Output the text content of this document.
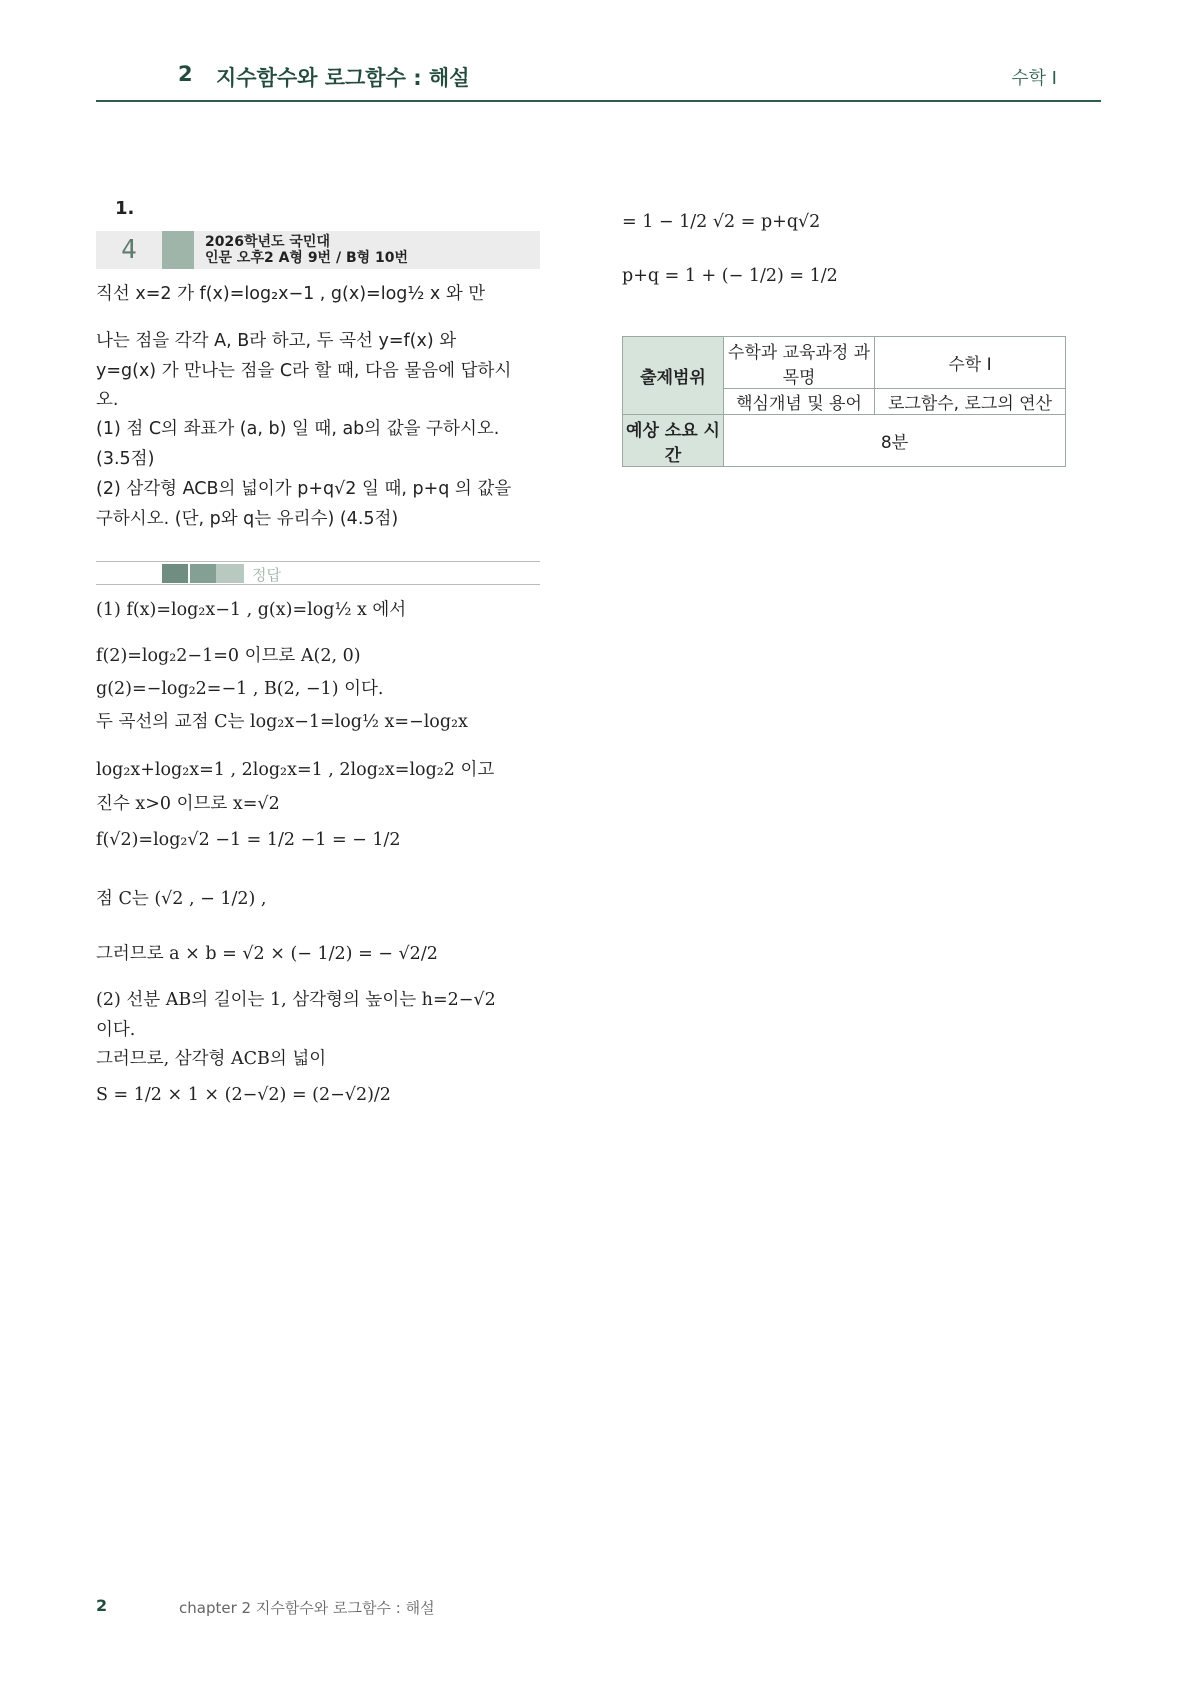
2 지수함수와 로그함수 : 해설	수학 I
1.
4	2026학년도 국민대
인문 오후2 A형 9번 / B형 10번
직선 x=2 가 f(x)=log₂x−1 , g(x)=log½ x 와 만
나는 점을 각각 A, B라 하고, 두 곡선 y=f(x) 와
y=g(x) 가 만나는 점을 C라 할 때, 다음 물음에 답하시
오.
(1) 점 C의 좌표가 (a, b) 일 때, ab의 값을 구하시오.
(3.5점)
(2) 삼각형 ACB의 넓이가 p+q√2 일 때, p+q 의 값을
구하시오. (단, p와 q는 유리수) (4.5점)
정답
(1) f(x)=log₂x−1 , g(x)=log½ x 에서
f(2)=log₂2−1=0 이므로 A(2, 0)
g(2)=−log₂2=−1 , B(2, −1) 이다.
두 곡선의 교점 C는 log₂x−1=log½ x=−log₂x
log₂x+log₂x=1 , 2log₂x=1 , 2log₂x=log₂2 이고
진수 x>0 이므로 x=√2
f(√2)=log₂√2 −1 = 1/2 −1 = − 1/2
점 C는 (√2 , − 1/2) ,
그러므로 a × b = √2 × (− 1/2) = − √2/2
(2) 선분 AB의 길이는 1, 삼각형의 높이는 h=2−√2
이다.
그러므로, 삼각형 ACB의 넓이
S = 1/2 × 1 × (2−√2) = (2−√2)/2
= 1 − 1/2 √2 = p+q√2
p+q = 1 + (− 1/2) = 1/2
출제범위	수학과 교육과정 과목명	수학 I
	핵심개념 및 용어	로그함수, 로그의 연산
예상 소요 시간	8분	
2	chapter 2 지수함수와 로그함수 : 해설
